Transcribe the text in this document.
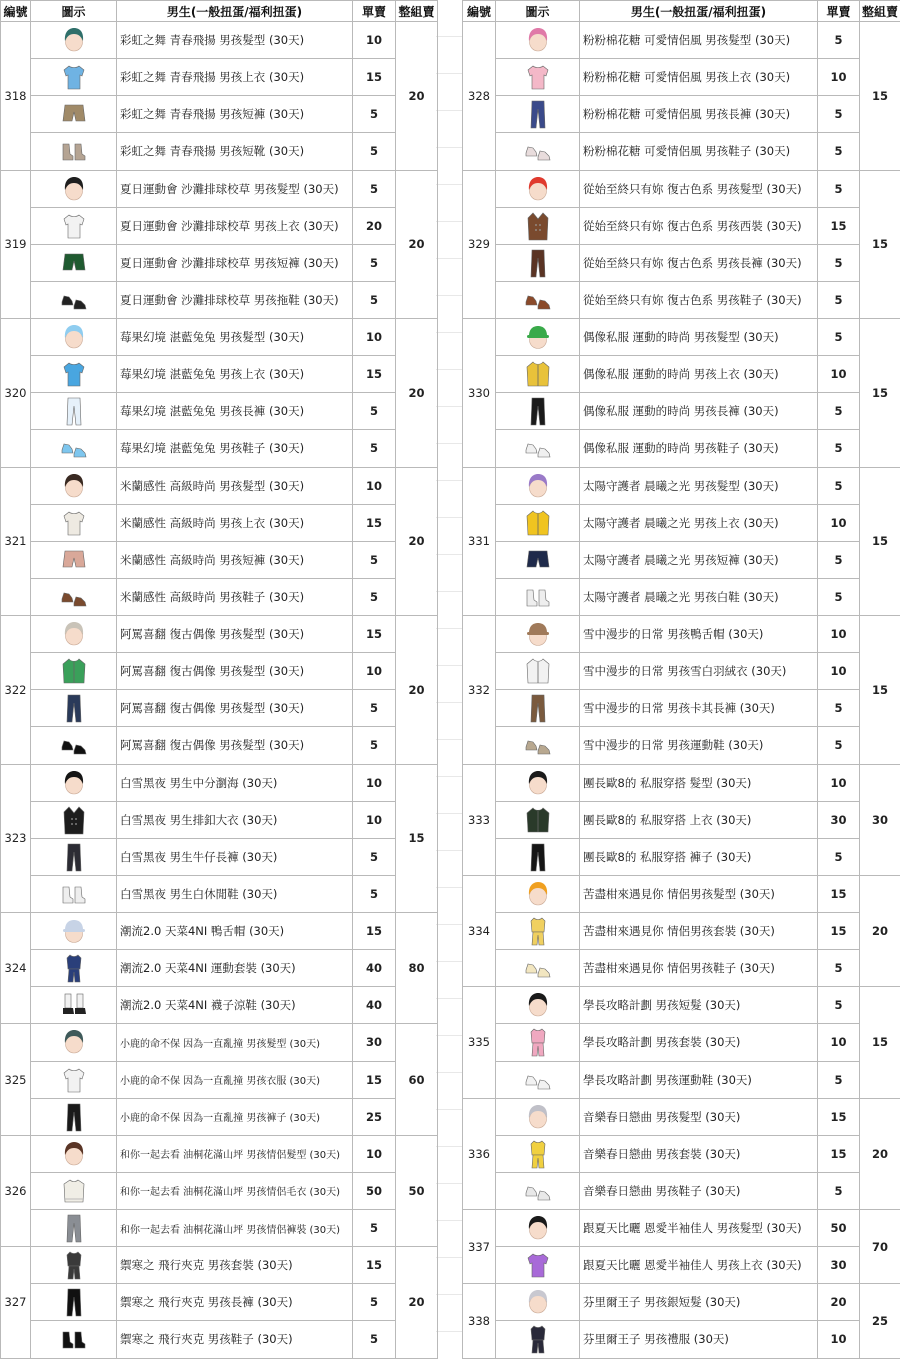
編號	圖示	男生(一般扭蛋/福利扭蛋)	單賣	整組賣
318		彩虹之舞 青春飛揚 男孩髮型 (30天)	10	20

	彩虹之舞 青春飛揚 男孩上衣 (30天)	15	

	彩虹之舞 青春飛揚 男孩短褲 (30天)	5	

	彩虹之舞 青春飛揚 男孩短靴 (30天)	5	
319		夏日運動會 沙灘排球校草 男孩髮型 (30天)	5	20

	夏日運動會 沙灘排球校草 男孩上衣 (30天)	20	

	夏日運動會 沙灘排球校草 男孩短褲 (30天)	5	

	夏日運動會 沙灘排球校草 男孩拖鞋 (30天)	5	
320		莓果幻境 湛藍兔兔 男孩髮型 (30天)	10	20

	莓果幻境 湛藍兔兔 男孩上衣 (30天)	15	

	莓果幻境 湛藍兔兔 男孩長褲 (30天)	5	

	莓果幻境 湛藍兔兔 男孩鞋子 (30天)	5	
321		米蘭感性 高級時尚 男孩髮型 (30天)	10	20

	米蘭感性 高級時尚 男孩上衣 (30天)	15	

	米蘭感性 高級時尚 男孩短褲 (30天)	5	

	米蘭感性 高級時尚 男孩鞋子 (30天)	5	
322		阿罵喜翻 復古偶像 男孩髮型 (30天)	15	20

	阿罵喜翻 復古偶像 男孩髮型 (30天)	10	

	阿罵喜翻 復古偶像 男孩髮型 (30天)	5	

	阿罵喜翻 復古偶像 男孩髮型 (30天)	5	
323		白雪黑夜 男生中分瀏海 (30天)	10	15

	白雪黑夜 男生排釦大衣 (30天)	10	

	白雪黑夜 男生牛仔長褲 (30天)	5	

	白雪黑夜 男生白休閒鞋 (30天)	5	
324		潮流2.0 天菜4NI 鴨舌帽 (30天)	15	80

	潮流2.0 天菜4NI 運動套裝 (30天)	40	

	潮流2.0 天菜4NI 襪子涼鞋 (30天)	40	
325		小鹿的命不保 因為一直亂撞 男孩髮型 (30天)	30	60

	小鹿的命不保 因為一直亂撞 男孩衣服 (30天)	15	

	小鹿的命不保 因為一直亂撞 男孩褲子 (30天)	25	
326		和你一起去看 油桐花滿山坪 男孩情侶髮型 (30天)	10	50

	和你一起去看 油桐花滿山坪 男孩情侶毛衣 (30天)	50	

	和你一起去看 油桐花滿山坪 男孩情侶褲裝 (30天)	5	
327		禦寒之 飛行夾克 男孩套裝 (30天)	15	20

	禦寒之 飛行夾克 男孩長褲 (30天)	5	

	禦寒之 飛行夾克 男孩鞋子 (30天)	5	
編號	圖示	男生(一般扭蛋/福利扭蛋)	單賣	整組賣
328		粉粉棉花糖 可愛情侶風 男孩髮型 (30天)	5	15

	粉粉棉花糖 可愛情侶風 男孩上衣 (30天)	10	

	粉粉棉花糖 可愛情侶風 男孩長褲 (30天)	5	

	粉粉棉花糖 可愛情侶風 男孩鞋子 (30天)	5	
329		從始至終只有妳 復古色系 男孩髮型 (30天)	5	15

	從始至終只有妳 復古色系 男孩西裝 (30天)	15	

	從始至終只有妳 復古色系 男孩長褲 (30天)	5	

	從始至終只有妳 復古色系 男孩鞋子 (30天)	5	
330		偶像私服 運動的時尚 男孩髮型 (30天)	5	15

	偶像私服 運動的時尚 男孩上衣 (30天)	10	

	偶像私服 運動的時尚 男孩長褲 (30天)	5	

	偶像私服 運動的時尚 男孩鞋子 (30天)	5	
331		太陽守護者 晨曦之光 男孩髮型 (30天)	5	15

	太陽守護者 晨曦之光 男孩上衣 (30天)	10	

	太陽守護者 晨曦之光 男孩短褲 (30天)	5	

	太陽守護者 晨曦之光 男孩白鞋 (30天)	5	
332		雪中漫步的日常 男孩鴨舌帽 (30天)	10	15

	雪中漫步的日常 男孩雪白羽絨衣 (30天)	10	

	雪中漫步的日常 男孩卡其長褲 (30天)	5	

	雪中漫步的日常 男孩運動鞋 (30天)	5	
333		團長歐8的 私服穿搭 髮型 (30天)	10	30

	團長歐8的 私服穿搭 上衣 (30天)	30	

	團長歐8的 私服穿搭 褲子 (30天)	5	
334		苦盡柑來遇見你 情侶男孩髮型 (30天)	15	20

	苦盡柑來遇見你 情侶男孩套裝 (30天)	15	

	苦盡柑來遇見你 情侶男孩鞋子 (30天)	5	
335		學長攻略計劃 男孩短髮 (30天)	5	15

	學長攻略計劃 男孩套裝 (30天)	10	

	學長攻略計劃 男孩運動鞋 (30天)	5	
336		音樂春日戀曲 男孩髮型 (30天)	15	20

	音樂春日戀曲 男孩套裝 (30天)	15	

	音樂春日戀曲 男孩鞋子 (30天)	5	
337		跟夏天比曬 恩愛半袖佳人 男孩髮型 (30天)	50	70

	跟夏天比曬 恩愛半袖佳人 男孩上衣 (30天)	30	
338		芬里爾王子 男孩銀短髮 (30天)	20	25

	芬里爾王子 男孩禮服 (30天)	10	
